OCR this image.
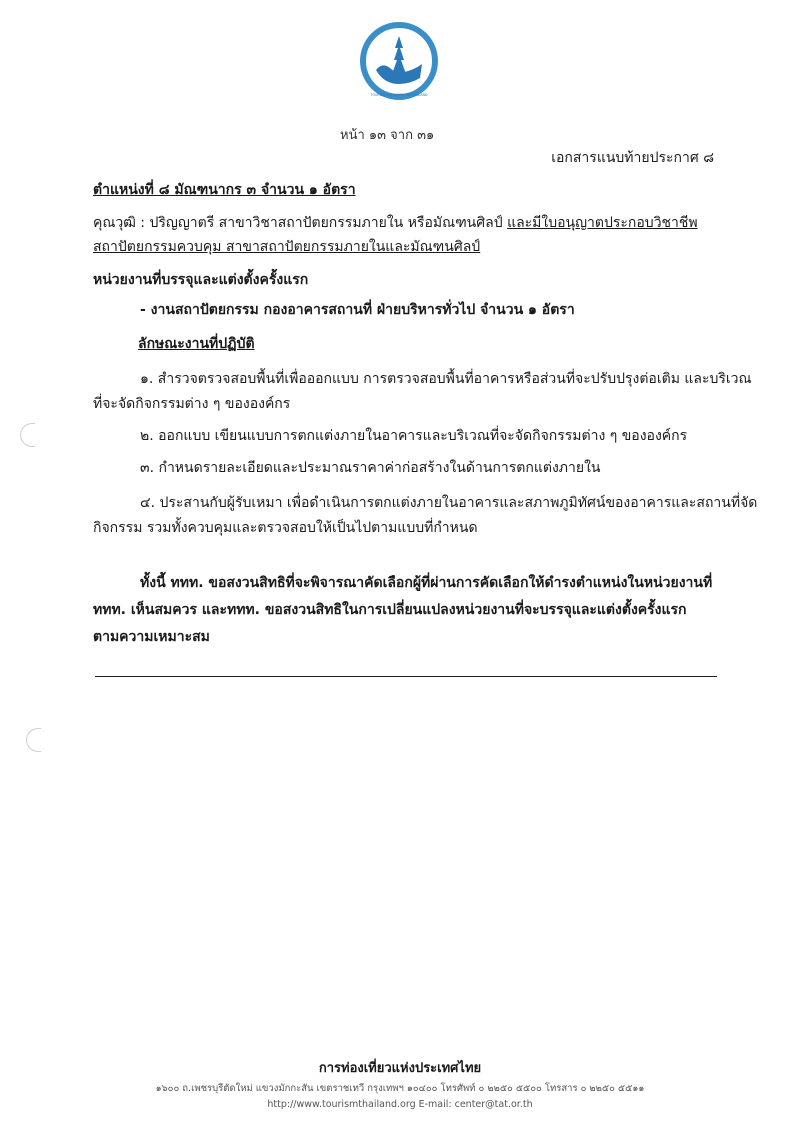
ททท
TOURISM AUTHORITY OF THAILAND
หน้า ๑๓ จาก ๓๑
เอกสารแนบท้ายประกาศ ๘
ตำแหน่งที่ ๘ มัณฑนากร ๓ จำนวน ๑ อัตรา
คุณวุฒิ : ปริญญาตรี สาขาวิชาสถาปัตยกรรมภายใน หรือมัณฑนศิลป์ และมีใบอนุญาตประกอบวิชาชีพ
สถาปัตยกรรมควบคุม สาขาสถาปัตยกรรมภายในและมัณฑนศิลป์
หน่วยงานที่บรรจุและแต่งตั้งครั้งแรก
- งานสถาปัตยกรรม กองอาคารสถานที่ ฝ่ายบริหารทั่วไป จำนวน ๑ อัตรา
ลักษณะงานที่ปฏิบัติ
๑. สำรวจตรวจสอบพื้นที่เพื่อออกแบบ การตรวจสอบพื้นที่อาคารหรือส่วนที่จะปรับปรุงต่อเติม และบริเวณ
ที่จะจัดกิจกรรมต่าง ๆ ขององค์กร
๒. ออกแบบ เขียนแบบการตกแต่งภายในอาคารและบริเวณที่จะจัดกิจกรรมต่าง ๆ ขององค์กร
๓. กำหนดรายละเอียดและประมาณราคาค่าก่อสร้างในด้านการตกแต่งภายใน
๔. ประสานกับผู้รับเหมา เพื่อดำเนินการตกแต่งภายในอาคารและสภาพภูมิทัศน์ของอาคารและสถานที่จัด
กิจกรรม รวมทั้งควบคุมและตรวจสอบให้เป็นไปตามแบบที่กำหนด
ทั้งนี้ ททท. ขอสงวนสิทธิที่จะพิจารณาคัดเลือกผู้ที่ผ่านการคัดเลือกให้ดำรงตำแหน่งในหน่วยงานที่
ททท. เห็นสมควร และททท. ขอสงวนสิทธิในการเปลี่ยนแปลงหน่วยงานที่จะบรรจุและแต่งตั้งครั้งแรก
ตามความเหมาะสม
การท่องเที่ยวแห่งประเทศไทย
๑๖๐๐ ถ.เพชรบุรีตัดใหม่ แขวงมักกะสัน เขตราชเทวี กรุงเทพฯ ๑๐๔๐๐ โทรศัพท์ ๐ ๒๒๕๐ ๕๕๐๐ โทรสาร ๐ ๒๒๕๐ ๕๕๑๑
http://www.tourismthailand.org E-mail: center@tat.or.th
